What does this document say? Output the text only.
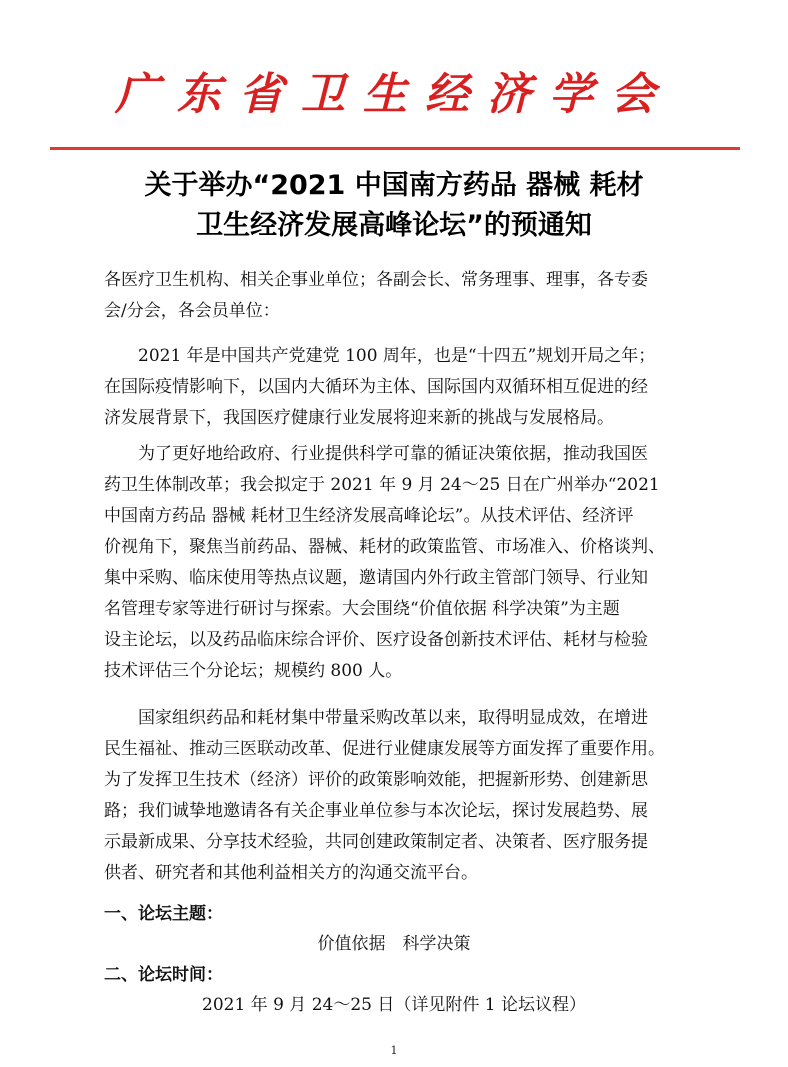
广东省卫生经济学会
关于举办“2021 中国南方药品 器械 耗材
卫生经济发展高峰论坛”的预通知
各医疗卫生机构、相关企事业单位；各副会长、常务理事、理事，各专委
会/分会，各会员单位：
　　2021 年是中国共产党建党 100 周年，也是“十四五”规划开局之年；
在国际疫情影响下，以国内大循环为主体、国际国内双循环相互促进的经
济发展背景下，我国医疗健康行业发展将迎来新的挑战与发展格局。
　　为了更好地给政府、行业提供科学可靠的循证决策依据，推动我国医
药卫生体制改革；我会拟定于 2021 年 9 月 24～25 日在广州举办“2021
中国南方药品 器械 耗材卫生经济发展高峰论坛”。从技术评估、经济评
价视角下，聚焦当前药品、器械、耗材的政策监管、市场准入、价格谈判、
集中采购、临床使用等热点议题，邀请国内外行政主管部门领导、行业知
名管理专家等进行研讨与探索。大会围绕“价值依据 科学决策”为主题
设主论坛，以及药品临床综合评价、医疗设备创新技术评估、耗材与检验
技术评估三个分论坛；规模约 800 人。
　　国家组织药品和耗材集中带量采购改革以来，取得明显成效，在增进
民生福祉、推动三医联动改革、促进行业健康发展等方面发挥了重要作用。
为了发挥卫生技术（经济）评价的政策影响效能，把握新形势、创建新思
路；我们诚挚地邀请各有关企事业单位参与本次论坛，探讨发展趋势、展
示最新成果、分享技术经验，共同创建政策制定者、决策者、医疗服务提
供者、研究者和其他利益相关方的沟通交流平台。
一、论坛主题：
价值依据　科学决策
二、论坛时间：
2021 年 9 月 24～25 日（详见附件 1 论坛议程）
1
